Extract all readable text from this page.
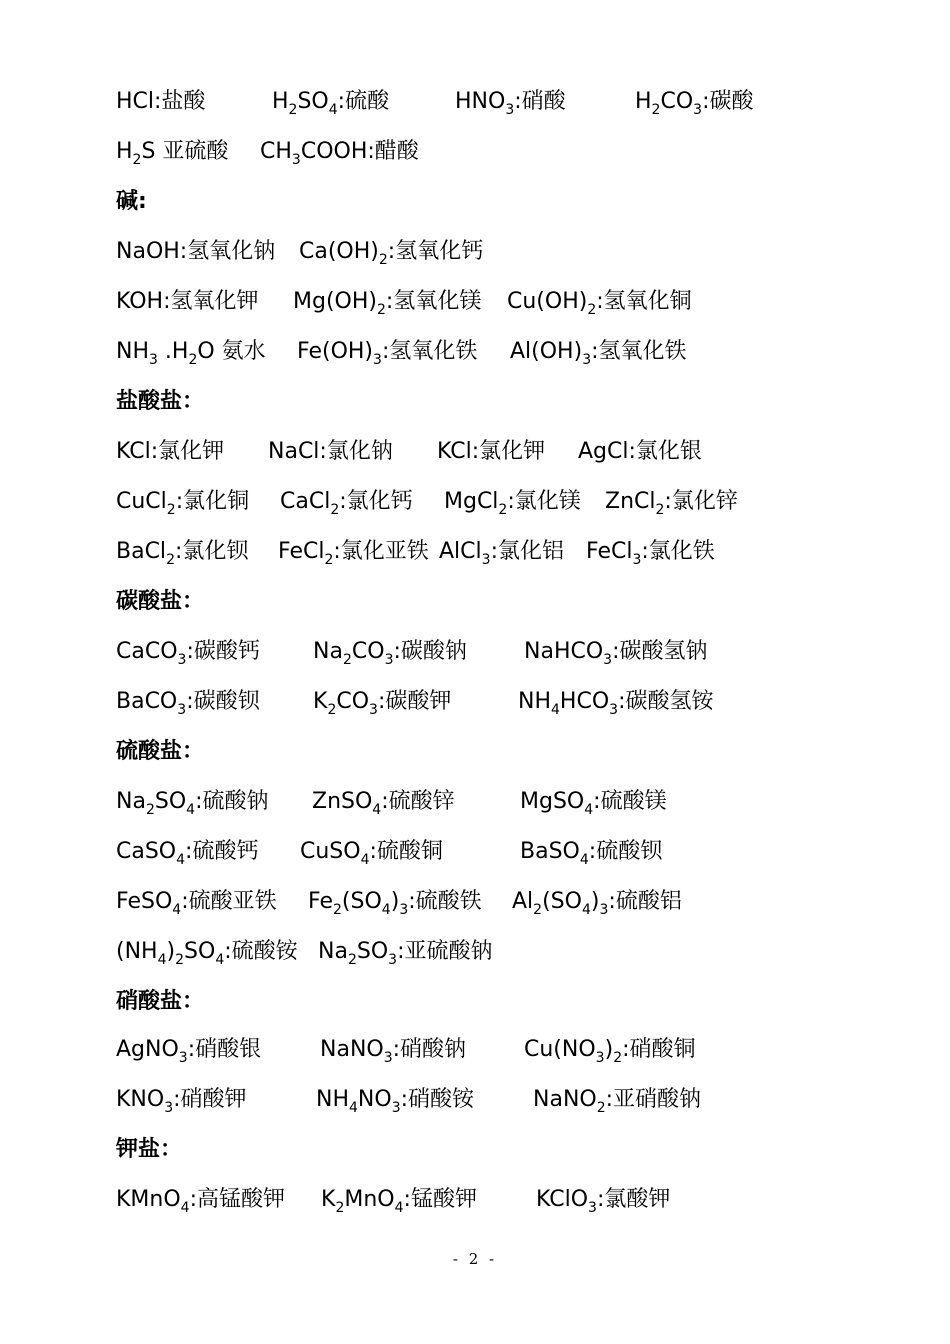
HCl:盐酸	$H_2SO_4$:硫酸	$HNO_3$:硝酸	$H_2CO_3$:碳酸
$H_2S$ 亚硫酸 $CH_3COOH$:醋酸
碱:
NaOH:氢氧化钠 $Ca(OH)_2$:氢氧化钙
KOH:氢氧化钾 $Mg(OH)_2$:氢氧化镁 $Cu(OH)_2$:氢氧化铜
$NH_3$ $.H_2O$ 氨水 $Fe(OH)_3$:氢氧化铁 $Al(OH)_3$:氢氧化铁
盐酸盐：
KCl:氯化钾 NaCl:氯化钠 KCl:氯化钾 AgCl:氯化银
CuCl$_2$:氯化铜 CaCl$_2$:氯化钙 MgCl$_2$:氯化镁 ZnCl$_2$:氯化锌
BaCl$_2$:氯化钡 FeCl$_2$:氯化亚铁 AlCl$_3$:氯化铝 FeCl$_3$:氯化铁
碳酸盐：
CaCO$_3$:碳酸钙 $Na_2CO_3$:碳酸钠	NaHCO$_3$:碳酸氢钠
BaCO$_3$:碳酸钡 $K_2CO_3$:碳酸钾	$NH_4HCO_3$:碳酸氢铵
硫酸盐：
$Na_2SO_4$:硫酸钠 ZnSO$_4$:硫酸锌	MgSO$_4$:硫酸镁
CaSO$_4$:硫酸钙 CuSO$_4$:硫酸铜	BaSO$_4$:硫酸钡
FeSO$_4$:硫酸亚铁 $Fe_2(SO_4)_3$:硫酸铁 $Al_2(SO_4)_3$:硫酸铝
$(NH_4)_2SO_4$:硫酸铵 $Na_2SO_3$:亚硫酸钠
硝酸盐：
AgNO$_3$:硝酸银	NaNO$_3$:硝酸钠	$Cu(NO_3)_2$:硝酸铜
$KNO_3$:硝酸钾	$NH_4NO_3$:硝酸铵	NaNO$_2$:亚硝酸钠
钾盐：
KMnO$_4$:高锰酸钾 $K_2MnO_4$:锰酸钾	KClO$_3$:氯酸钾
- 2 -
